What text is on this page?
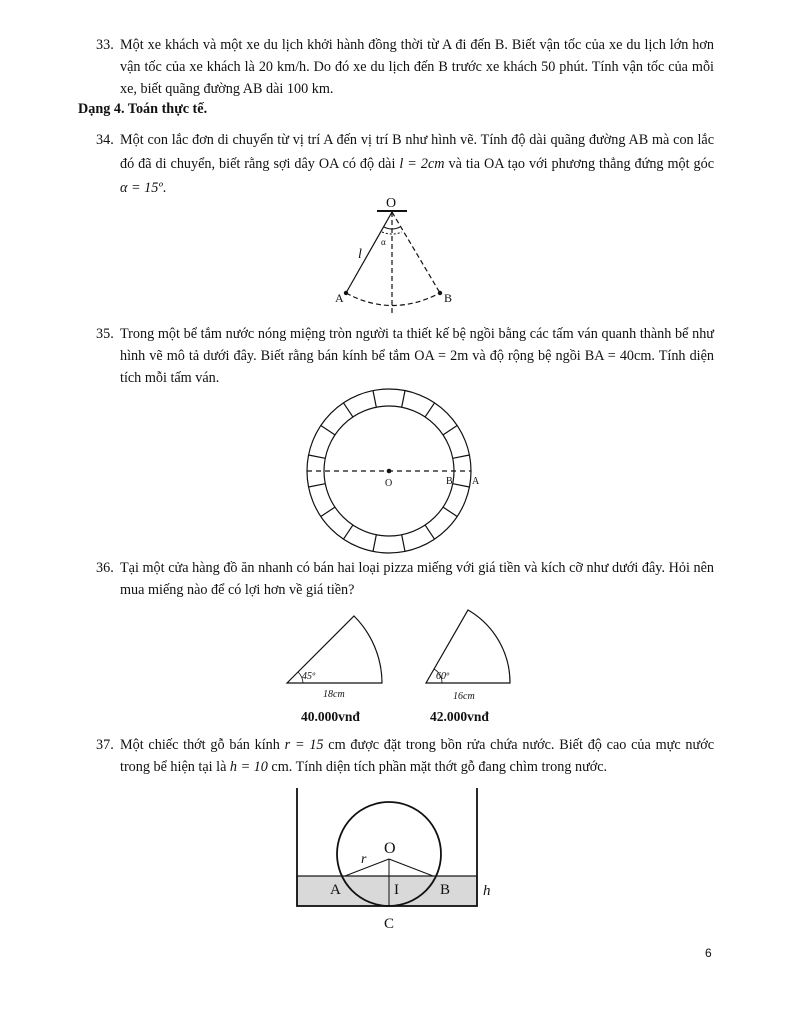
33. Một xe khách và một xe du lịch khởi hành đồng thời từ A đi đến B. Biết vận tốc của xe du lịch lớn hơn vận tốc của xe khách là 20 km/h. Do đó xe du lịch đến B trước xe khách 50 phút. Tính vận tốc của mỗi xe, biết quãng đường AB dài 100 km.

Dạng 4. Toán thực tế.

34. Một con lắc đơn di chuyển từ vị trí A đến vị trí B như hình vẽ. Tính độ dài quãng đường AB mà con lắc đó đã di chuyển, biết rằng sợi dây OA có độ dài l = 2cm và tia OA tạo với phương thẳng đứng một góc α = 15º.

O
l
α
A	B

35. Trong một bể tắm nước nóng miệng tròn người ta thiết kế bệ ngồi bằng các tấm ván quanh thành bể như hình vẽ mô tả dưới đây. Biết rằng bán kính bể tắm OA = 2m và độ rộng bệ ngồi BA = 40cm. Tính diện tích mỗi tấm ván.

O	B A

36. Tại một cửa hàng đồ ăn nhanh có bán hai loại pizza miếng với giá tiền và kích cỡ như dưới đây. Hỏi nên mua miếng nào để có lợi hơn về giá tiền?

45º
18cm
60º
16cm
40.000vnđ	42.000vnđ

37. Một chiếc thớt gỗ bán kính r = 15 cm được đặt trong bồn rửa chứa nước. Biết độ cao của mực nước trong bể hiện tại là h = 10 cm. Tính diện tích phần mặt thớt gỗ đang chìm trong nước.

O
r
A	I	B
C
h
6
